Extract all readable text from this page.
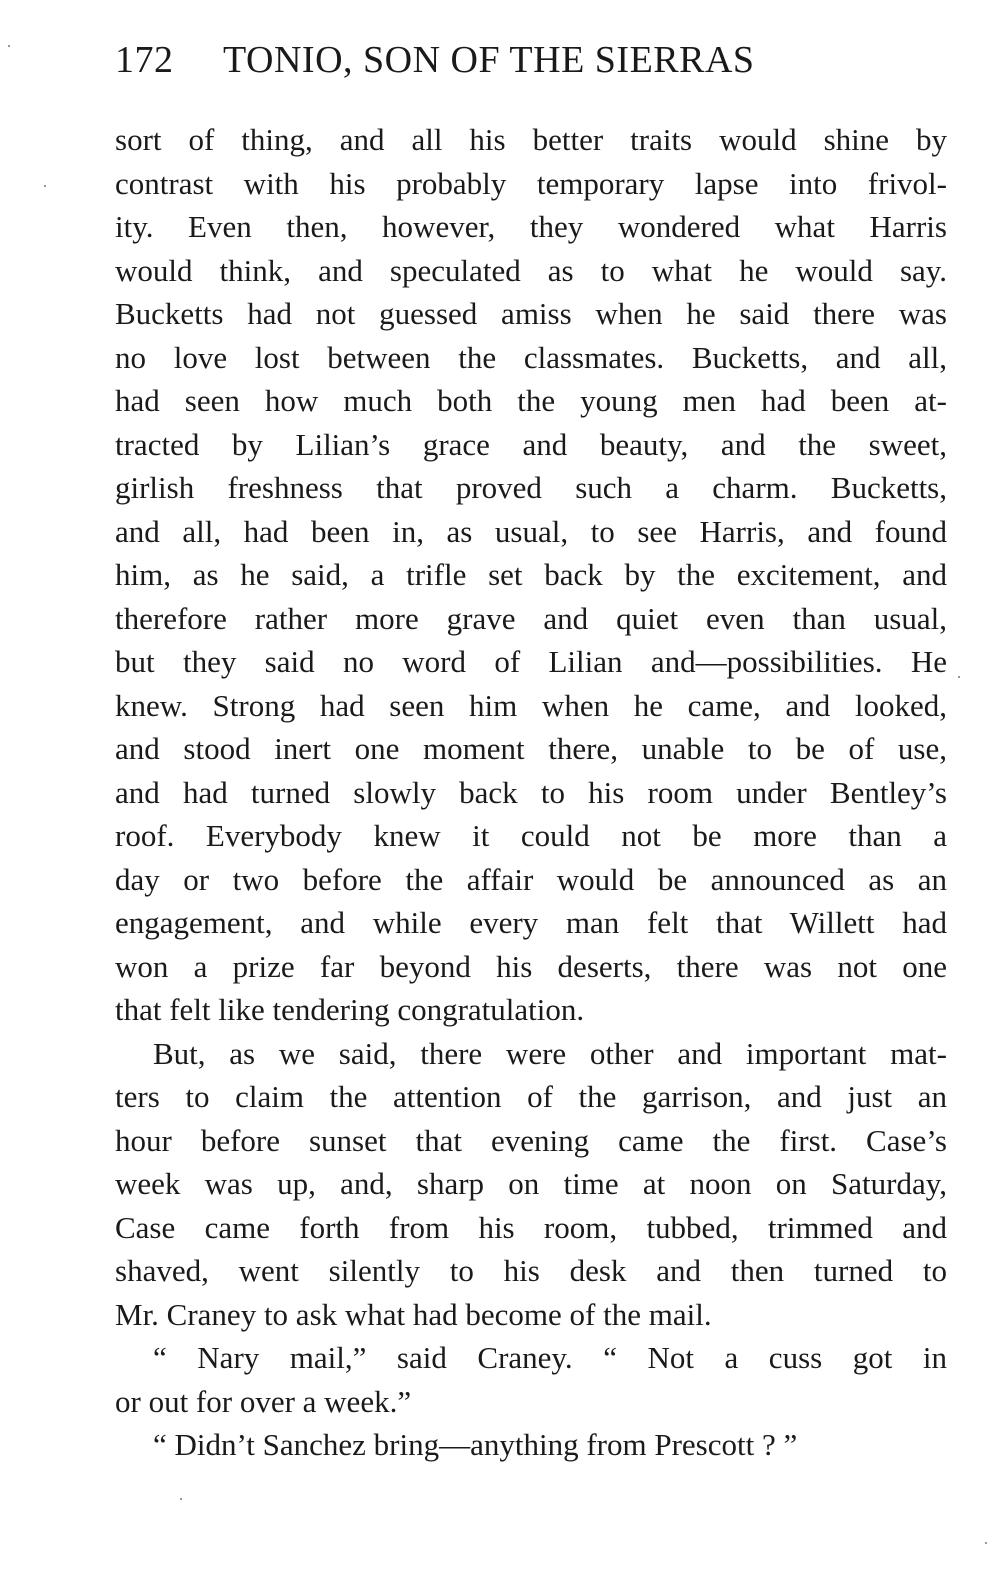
172 TONIO, SON OF THE SIERRAS
sort of thing, and all his better traits would shine by
contrast with his probably temporary lapse into frivol-
ity. Even then, however, they wondered what Harris
would think, and speculated as to what he would say.
Bucketts had not guessed amiss when he said there was
no love lost between the classmates. Bucketts, and all,
had seen how much both the young men had been at-
tracted by Lilian’s grace and beauty, and the sweet,
girlish freshness that proved such a charm. Bucketts,
and all, had been in, as usual, to see Harris, and found
him, as he said, a trifle set back by the excitement, and
therefore rather more grave and quiet even than usual,
but they said no word of Lilian and—possibilities. He
knew. Strong had seen him when he came, and looked,
and stood inert one moment there, unable to be of use,
and had turned slowly back to his room under Bentley’s
roof. Everybody knew it could not be more than a
day or two before the affair would be announced as an
engagement, and while every man felt that Willett had
won a prize far beyond his deserts, there was not one
that felt like tendering congratulation.
But, as we said, there were other and important mat-
ters to claim the attention of the garrison, and just an
hour before sunset that evening came the first. Case’s
week was up, and, sharp on time at noon on Saturday,
Case came forth from his room, tubbed, trimmed and
shaved, went silently to his desk and then turned to
Mr. Craney to ask what had become of the mail.
“ Nary mail,” said Craney. “ Not a cuss got in
or out for over a week.”
“ Didn’t Sanchez bring—anything from Prescott ? ”
